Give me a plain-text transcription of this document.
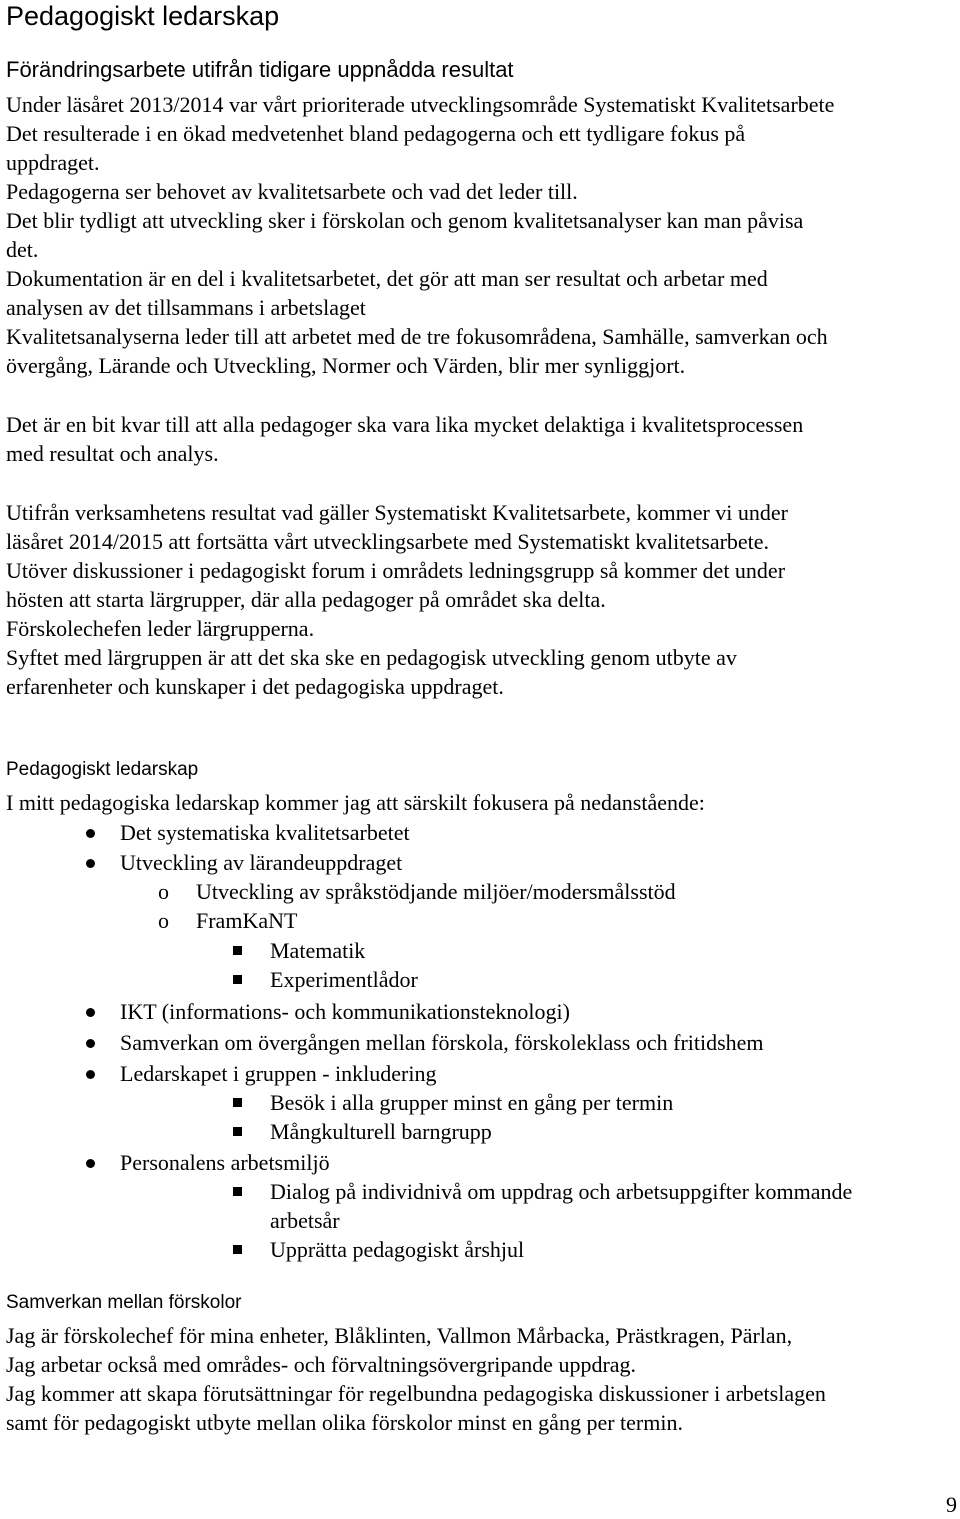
Pedagogiskt ledarskap
Förändringsarbete utifrån tidigare uppnådda resultat
Under läsåret 2013/2014 var vårt prioriterade utvecklingsområde Systematiskt Kvalitetsarbete
Det resulterade i en ökad medvetenhet bland pedagogerna och ett tydligare fokus på
uppdraget.
Pedagogerna ser behovet av kvalitetsarbete och vad det leder till.
Det blir tydligt att utveckling sker i förskolan och genom kvalitetsanalyser kan man påvisa
det.
Dokumentation är en del i kvalitetsarbetet, det gör att man ser resultat och arbetar med
analysen av det tillsammans i arbetslaget
Kvalitetsanalyserna leder till att arbetet med de tre fokusområdena, Samhälle, samverkan och
övergång, Lärande och Utveckling, Normer och Värden, blir mer synliggjort.
Det är en bit kvar till att alla pedagoger ska vara lika mycket delaktiga i kvalitetsprocessen
med resultat och analys.
Utifrån verksamhetens resultat vad gäller Systematiskt Kvalitetsarbete, kommer vi under
läsåret 2014/2015 att fortsätta vårt utvecklingsarbete med Systematiskt kvalitetsarbete.
Utöver diskussioner i pedagogiskt forum i områdets ledningsgrupp så kommer det under
hösten att starta lärgrupper, där alla pedagoger på området ska delta.
Förskolechefen leder lärgrupperna.
Syftet med lärgruppen är att det ska ske en pedagogisk utveckling genom utbyte av
erfarenheter och kunskaper i det pedagogiska uppdraget.
Pedagogiskt ledarskap
I mitt pedagogiska ledarskap kommer jag att särskilt fokusera på nedanstående:
Det systematiska kvalitetsarbetet
Utveckling av lärandeuppdraget
o Utveckling av språkstödjande miljöer/modersmålsstöd
o FramKaNT
Matematik
Experimentlådor
IKT (informations- och kommunikationsteknologi)
Samverkan om övergången mellan förskola, förskoleklass och fritidshem
Ledarskapet i gruppen - inkludering
Besök i alla grupper minst en gång per termin
Mångkulturell barngrupp
Personalens arbetsmiljö
Dialog på individnivå om uppdrag och arbetsuppgifter kommande
arbetsår
Upprätta pedagogiskt årshjul
Samverkan mellan förskolor
Jag är förskolechef för mina enheter, Blåklinten, Vallmon Mårbacka, Prästkragen, Pärlan,
Jag arbetar också med områdes- och förvaltningsövergripande uppdrag.
Jag kommer att skapa förutsättningar för regelbundna pedagogiska diskussioner i arbetslagen
samt för pedagogiskt utbyte mellan olika förskolor minst en gång per termin.
9
